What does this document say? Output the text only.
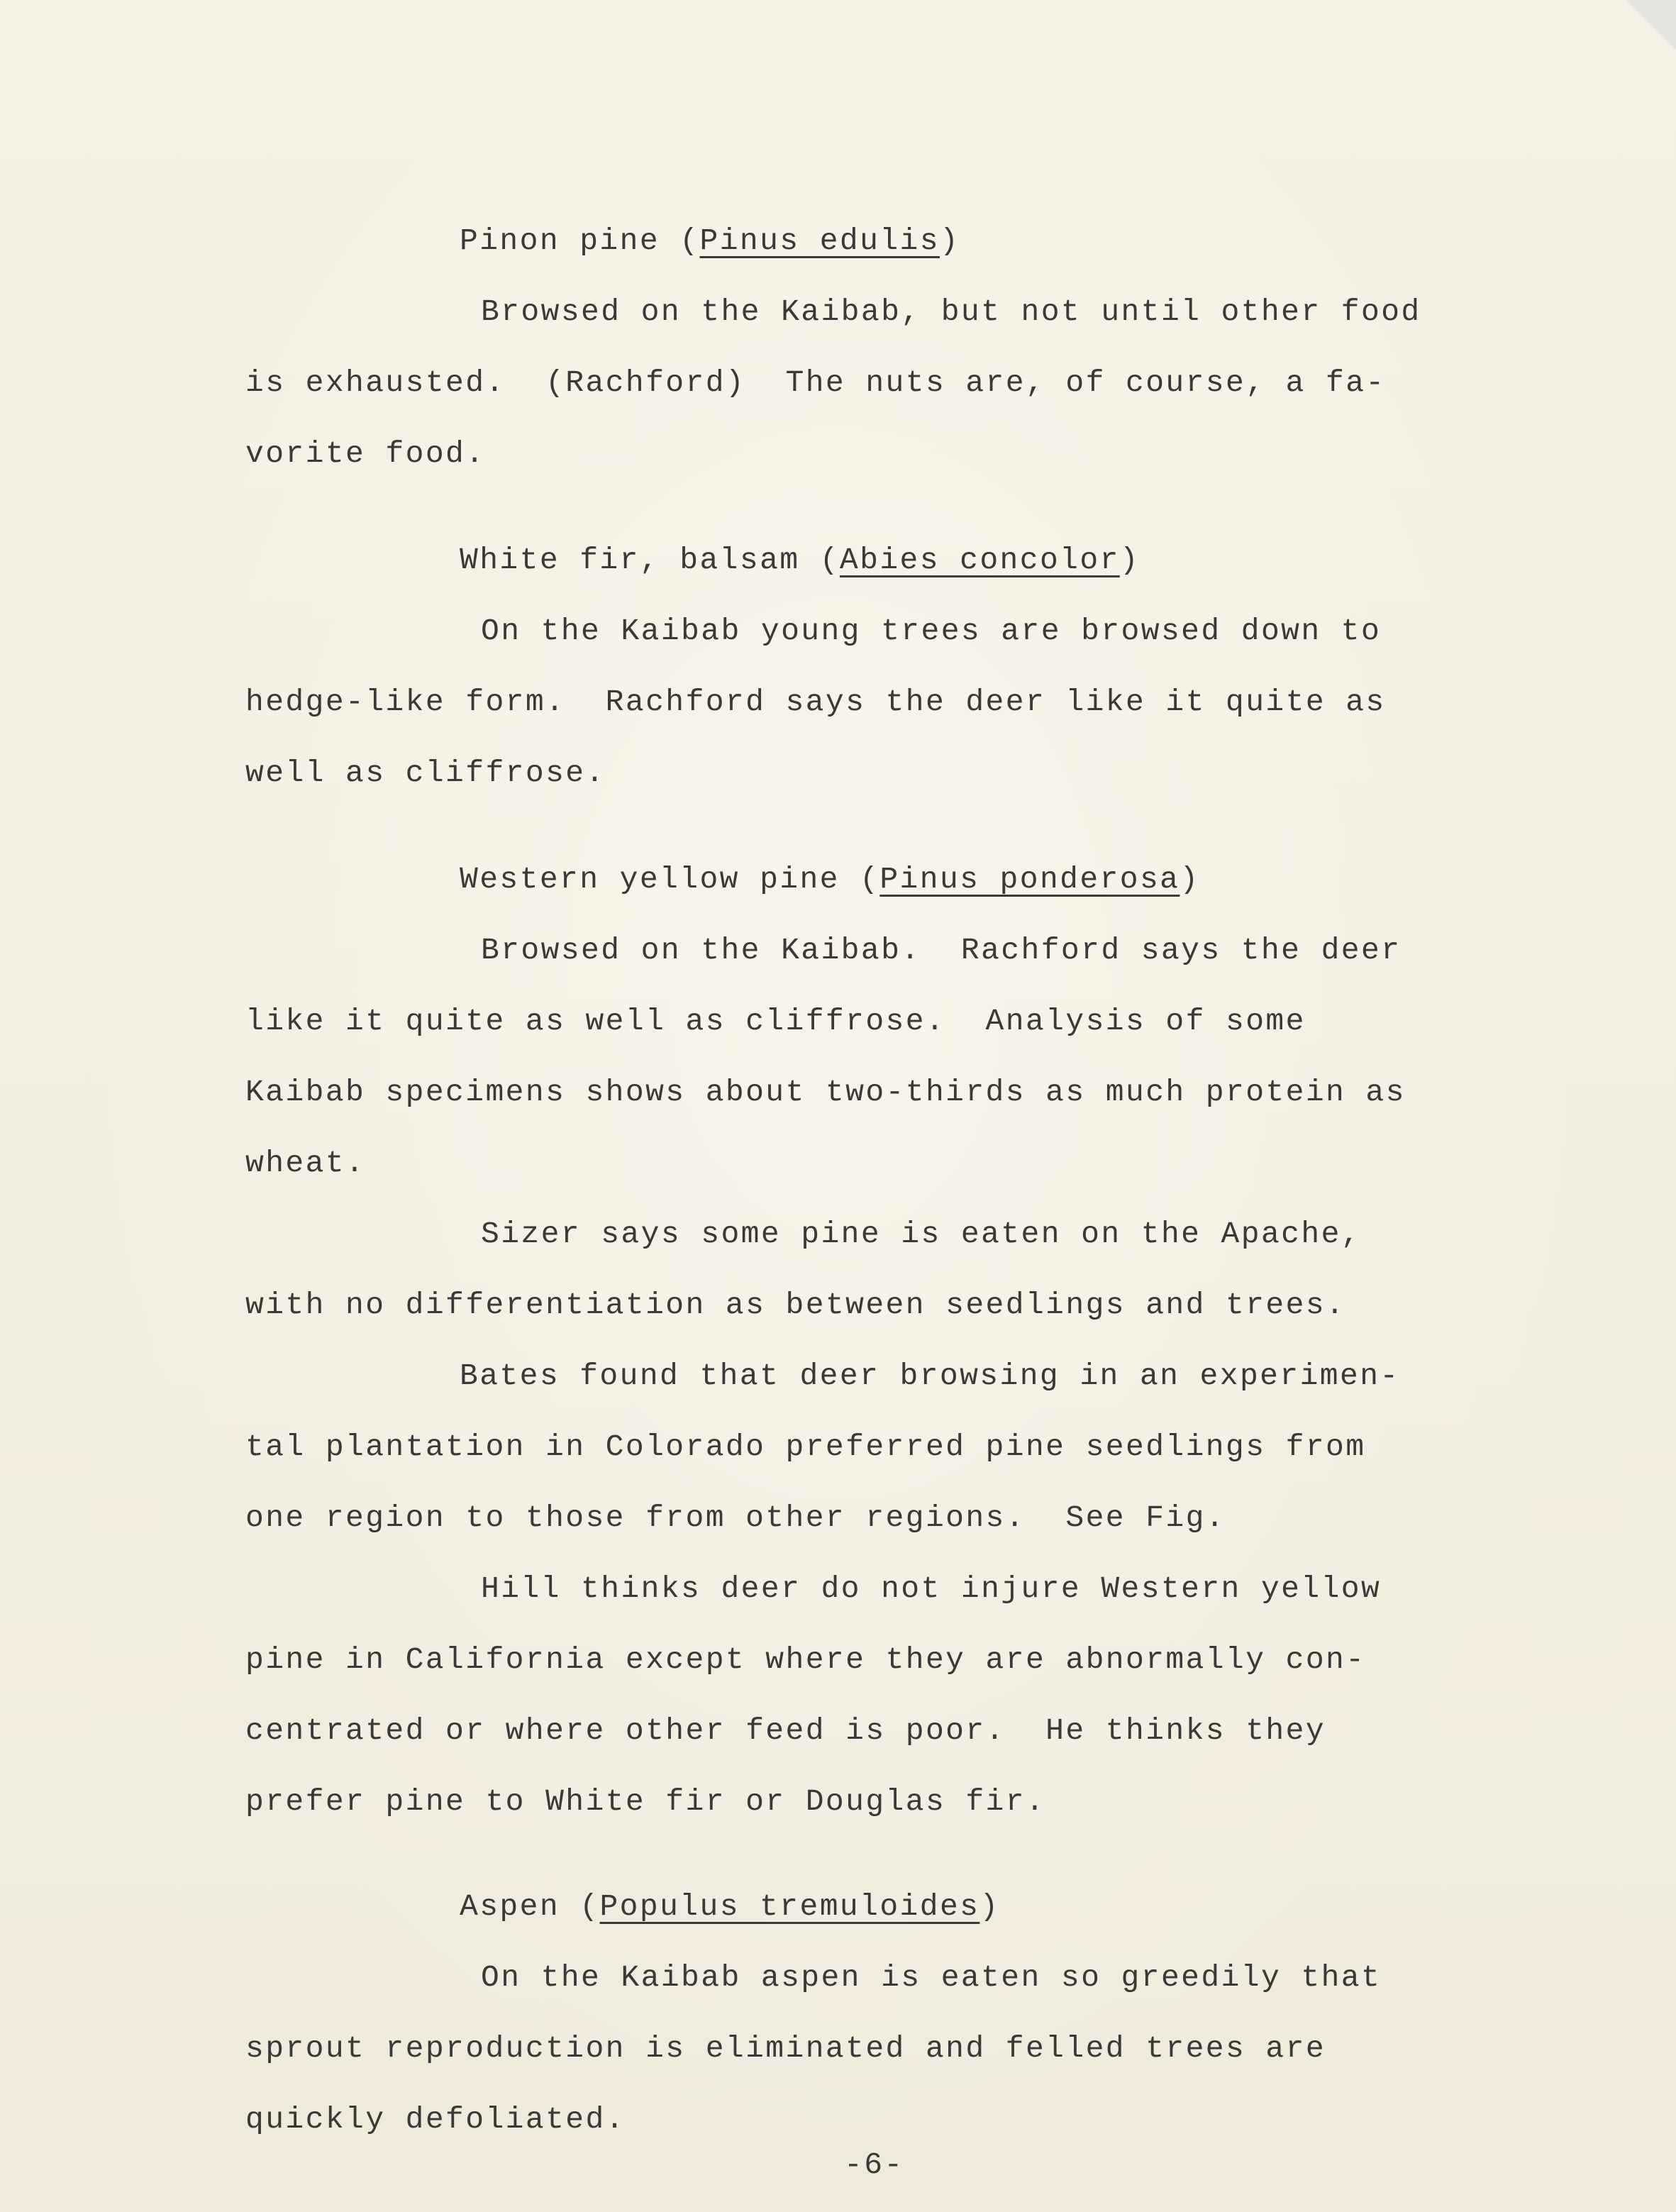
Pinon pine (Pinus edulis)
Browsed on the Kaibab, but not until other food
is exhausted.  (Rachford)  The nuts are, of course, a fa-
vorite food.
White fir, balsam (Abies concolor)
On the Kaibab young trees are browsed down to
hedge-like form.  Rachford says the deer like it quite as
well as cliffrose.
Western yellow pine (Pinus ponderosa)
Browsed on the Kaibab.  Rachford says the deer
like it quite as well as cliffrose.  Analysis of some
Kaibab specimens shows about two-thirds as much protein as
wheat.
Sizer says some pine is eaten on the Apache,
with no differentiation as between seedlings and trees.
Bates found that deer browsing in an experimen-
tal plantation in Colorado preferred pine seedlings from
one region to those from other regions.  See Fig.
Hill thinks deer do not injure Western yellow
pine in California except where they are abnormally con-
centrated or where other feed is poor.  He thinks they
prefer pine to White fir or Douglas fir.
Aspen (Populus tremuloides)
On the Kaibab aspen is eaten so greedily that
sprout reproduction is eliminated and felled trees are
quickly defoliated.
-6-
